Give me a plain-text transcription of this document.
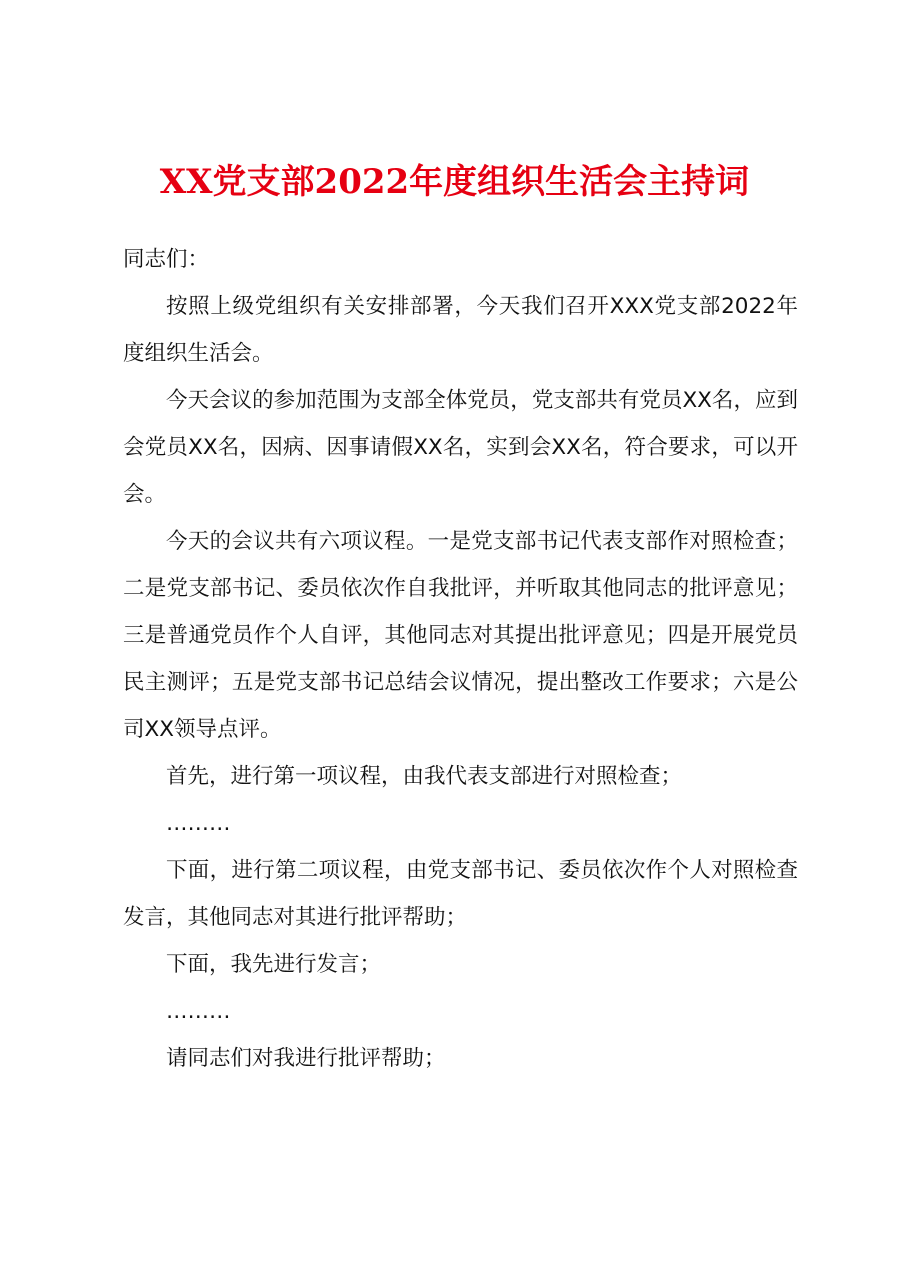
XX党支部2022年度组织生活会主持词

同志们：

按照上级党组织有关安排部署，今天我们召开XXX党支部2022年度组织生活会。

今天会议的参加范围为支部全体党员，党支部共有党员XX名，应到会党员XX名，因病、因事请假XX名，实到会XX名，符合要求，可以开会。

今天的会议共有六项议程。一是党支部书记代表支部作对照检查；二是党支部书记、委员依次作自我批评，并听取其他同志的批评意见；三是普通党员作个人自评，其他同志对其提出批评意见；四是开展党员民主测评；五是党支部书记总结会议情况，提出整改工作要求；六是公司XX领导点评。

首先，进行第一项议程，由我代表支部进行对照检查；

………

下面，进行第二项议程，由党支部书记、委员依次作个人对照检查发言，其他同志对其进行批评帮助；

下面，我先进行发言；

………

请同志们对我进行批评帮助；
